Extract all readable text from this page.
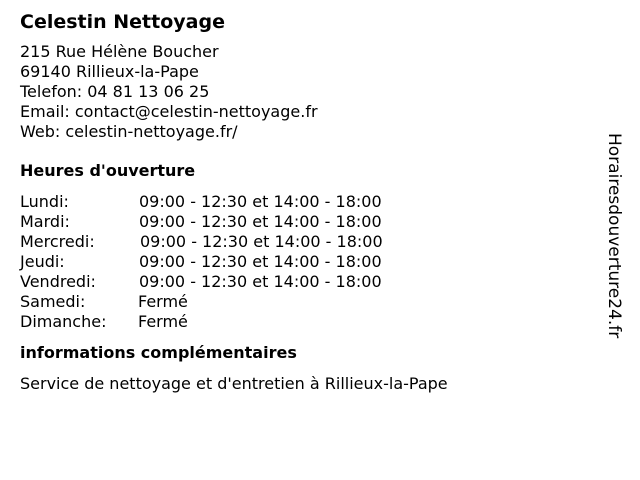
Celestin Nettoyage
215 Rue Hélène Boucher
69140 Rillieux-la-Pape
Telefon: 04 81 13 06 25
Email: contact@celestin-nettoyage.fr
Web: celestin-nettoyage.fr/
Heures d'ouverture
Lundi:	09:00 - 12:30 et 14:00 - 18:00
Mardi:	09:00 - 12:30 et 14:00 - 18:00
Mercredi:	09:00 - 12:30 et 14:00 - 18:00
Jeudi:	09:00 - 12:30 et 14:00 - 18:00
Vendredi:	09:00 - 12:30 et 14:00 - 18:00
Samedi:	Fermé
Dimanche:	Fermé
informations complémentaires
Service de nettoyage et d'entretien à Rillieux-la-Pape
Horairesdouverture24.fr
